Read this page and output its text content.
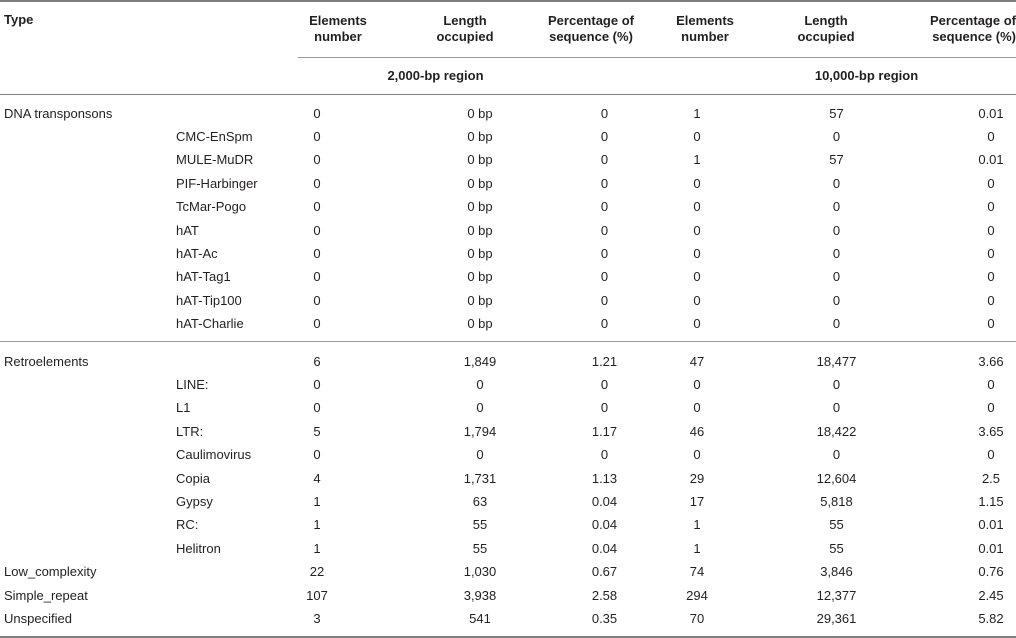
Type		Elements number	Length occupied	Percentage of sequence (%)	Elements number	Length occupied	Percentage of sequence (%)

		2,000-bp region			10,000-bp region		

DNA transponsons		0	0 bp	0	1	57	0.01
	CMC-EnSpm	0	0 bp	0	0	0	0
	MULE-MuDR	0	0 bp	0	1	57	0.01
	PIF-Harbinger	0	0 bp	0	0	0	0
	TcMar-Pogo	0	0 bp	0	0	0	0
	hAT	0	0 bp	0	0	0	0
	hAT-Ac	0	0 bp	0	0	0	0
	hAT-Tag1	0	0 bp	0	0	0	0
	hAT-Tip100	0	0 bp	0	0	0	0
	hAT-Charlie	0	0 bp	0	0	0	0

Retroelements		6	1,849	1.21	47	18,477	3.66
	LINE:	0	0	0	0	0	0
	L1	0	0	0	0	0	0
	LTR:	5	1,794	1.17	46	18,422	3.65
	Caulimovirus	0	0	0	0	0	0
	Copia	4	1,731	1.13	29	12,604	2.5
	Gypsy	1	63	0.04	17	5,818	1.15
	RC:	1	55	0.04	1	55	0.01
	Helitron	1	55	0.04	1	55	0.01
Low_complexity		22	1,030	0.67	74	3,846	0.76
Simple_repeat		107	3,938	2.58	294	12,377	2.45
Unspecified		3	541	0.35	70	29,361	5.82
